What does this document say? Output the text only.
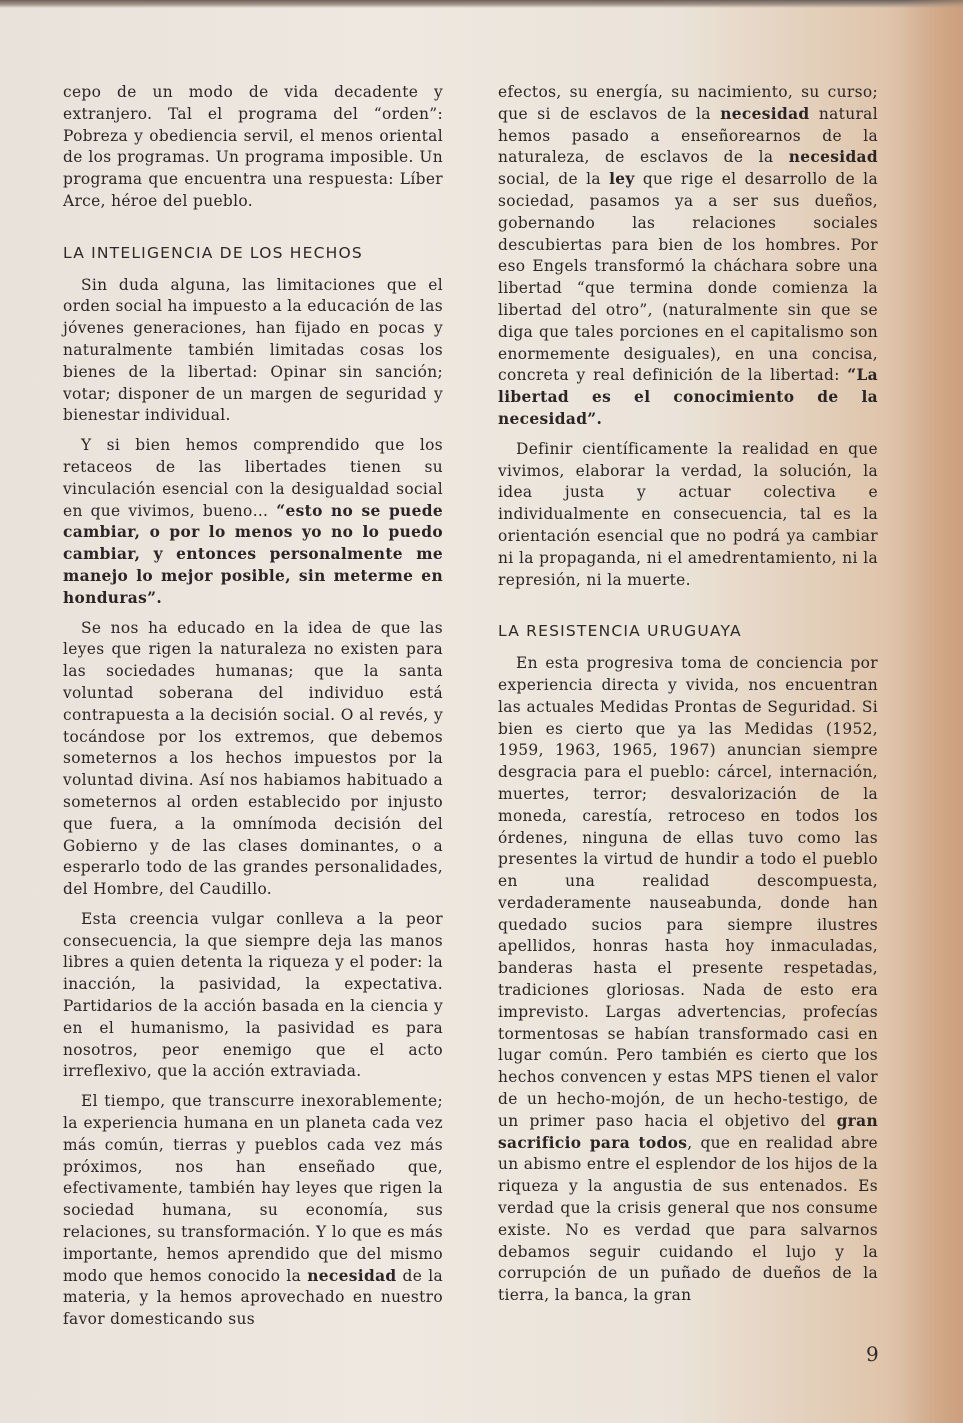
cepo de un modo de vida decadente y extranjero. Tal el programa del “orden”: Pobreza y obediencia servil, el menos oriental de los programas. Un programa imposible. Un programa que encuentra una respuesta: Líber Arce, héroe del pueblo.

LA INTELIGENCIA DE LOS HECHOS

Sin duda alguna, las limitaciones que el orden social ha impuesto a la educación de las jóvenes generaciones, han fijado en pocas y naturalmente también limitadas cosas los bienes de la libertad: Opinar sin sanción; votar; disponer de un margen de seguridad y bienestar individual.

Y si bien hemos comprendido que los retaceos de las libertades tienen su vinculación esencial con la desigualdad social en que vivimos, bueno… “esto no se puede cambiar, o por lo menos yo no lo puedo cambiar, y entonces personalmente me manejo lo mejor posible, sin meterme en honduras”.

Se nos ha educado en la idea de que las leyes que rigen la naturaleza no existen para las sociedades humanas; que la santa voluntad soberana del individuo está contrapuesta a la decisión social. O al revés, y tocándose por los extremos, que debemos someternos a los hechos impuestos por la voluntad divina. Así nos habiamos habituado a someternos al orden establecido por injusto que fuera, a la omnímoda decisión del Gobierno y de las clases dominantes, o a esperarlo todo de las grandes personalidades, del Hombre, del Caudillo.

Esta creencia vulgar conlleva a la peor consecuencia, la que siempre deja las manos libres a quien detenta la riqueza y el poder: la inacción, la pasividad, la expectativa. Partidarios de la acción basada en la ciencia y en el humanismo, la pasividad es para nosotros, peor enemigo que el acto irreflexivo, que la acción extraviada.

El tiempo, que transcurre inexorablemente; la experiencia humana en un planeta cada vez más común, tierras y pueblos cada vez más próximos, nos han enseñado que, efectivamente, también hay leyes que rigen la sociedad humana, su economía, sus relaciones, su transformación. Y lo que es más importante, hemos aprendido que del mismo modo que hemos conocido la necesidad de la materia, y la hemos aprovechado en nuestro favor domesticando sus

efectos, su energía, su nacimiento, su curso; que si de esclavos de la necesidad natural hemos pasado a enseñorearnos de la naturaleza, de esclavos de la necesidad social, de la ley que rige el desarrollo de la sociedad, pasamos ya a ser sus dueños, gobernando las relaciones sociales descubiertas para bien de los hombres. Por eso Engels transformó la cháchara sobre una libertad “que termina donde comienza la libertad del otro”, (naturalmente sin que se diga que tales porciones en el capitalismo son enormemente desiguales), en una concisa, concreta y real definición de la libertad: “La libertad es el conocimiento de la necesidad”.

Definir científicamente la realidad en que vivimos, elaborar la verdad, la solución, la idea justa y actuar colectiva e individualmente en consecuencia, tal es la orientación esencial que no podrá ya cambiar ni la propaganda, ni el amedrentamiento, ni la represión, ni la muerte.

LA RESISTENCIA URUGUAYA

En esta progresiva toma de conciencia por experiencia directa y vivida, nos encuentran las actuales Medidas Prontas de Seguridad. Si bien es cierto que ya las Medidas (1952, 1959, 1963, 1965, 1967) anuncian siempre desgracia para el pueblo: cárcel, internación, muertes, terror; desvalorización de la moneda, carestía, retroceso en todos los órdenes, ninguna de ellas tuvo como las presentes la virtud de hundir a todo el pueblo en una realidad descompuesta, verdaderamente nauseabunda, donde han quedado sucios para siempre ilustres apellidos, honras hasta hoy inmaculadas, banderas hasta el presente respetadas, tradiciones gloriosas. Nada de esto era imprevisto. Largas advertencias, profecías tormentosas se habían transformado casi en lugar común. Pero también es cierto que los hechos convencen y estas MPS tienen el valor de un hecho-mojón, de un hecho-testigo, de un primer paso hacia el objetivo del gran sacrificio para todos, que en realidad abre un abismo entre el esplendor de los hijos de la riqueza y la angustia de sus entenados. Es verdad que la crisis general que nos consume existe. No es verdad que para salvarnos debamos seguir cuidando el lujo y la corrupción de un puñado de dueños de la tierra, la banca, la gran

9
